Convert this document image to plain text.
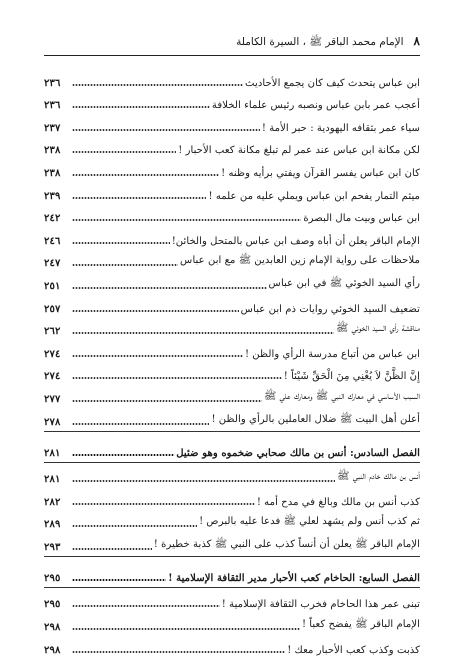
٨
الإمام محمد الباقر ﷺ ، السيرة الكاملة
ابن عباس يتحدث كيف كان يجمع الأحاديث
٢٣٦
أعجب عمر بابن عباس ونصبه رئيس علماء الخلافة
٢٣٦
سياء عمر بثقافه اليهودية : حبر الأمة !
٢٣٧
لكن مكانة ابن عباس عند عمر لم تبلغ مكانة كعب الأحبار !
٢٣٨
كان ابن عباس يفسر القرآن ويفتي برأيه وظنه !
٢٣٨
ميثم التمار يفحم ابن عباس ويملي عليه من علمه !
٢٣٩
ابن عباس وبيت مال البصرة
٢٤٢
الإمام الباقر يعلن أن أباه وصف ابن عباس بالمتحل والخائن!
٢٤٦
ملاحظات على رواية الإمام زين العابدين ﷺ مع ابن عباس
٢٤٧
رأي السيد الخوئي ﷺ في ابن عباس
٢٥١
تضعيف السيد الخوئي روايات ذم ابن عباس
٢٥٧
مناقشة رأي السيد الخوئي ﷺ
٢٦٢
ابن عباس من أتباع مدرسة الرأي والظن !
٢٧٤
إِنَّ الظَّنَّ لاَ يُغْنِي مِنَ الْحَقِّ شَيْئاً !
٢٧٤
السبب الأساسي في معارك النبي ﷺ ومعارك علي ﷺ
٢٧٧
أعلن أهل البيت ﷺ ضلال العاملين بالرأي والظن !
٢٧٨
الفصل السادس: أنس بن مالك صحابي ضخموه وهو ضئيل
٢٨١
أنس بن مالك خادم النبي ﷺ
٢٨١
كذب أنس بن مالك وبالغ في مدح أمه !
٢٨٢
ثم كذب أنس ولم يشهد لعلي ﷺ فدعا عليه بالبرص !
٢٨٩
الإمام الباقر ﷺ يعلن أن أنساً كذب على النبي ﷺ كذبة خطيرة !
٢٩٣
الفصل السابع: الحاخام كعب الأحبار مدير الثقافة الإسلامية !
٢٩٥
تبنى عمر هذا الحاخام فخرب الثقافة الإسلامية !
٢٩٥
الإمام الباقر ﷺ يفضح كعباً !
٢٩٨
كذبت وكذب كعب الأحبار معك !
٢٩٨
